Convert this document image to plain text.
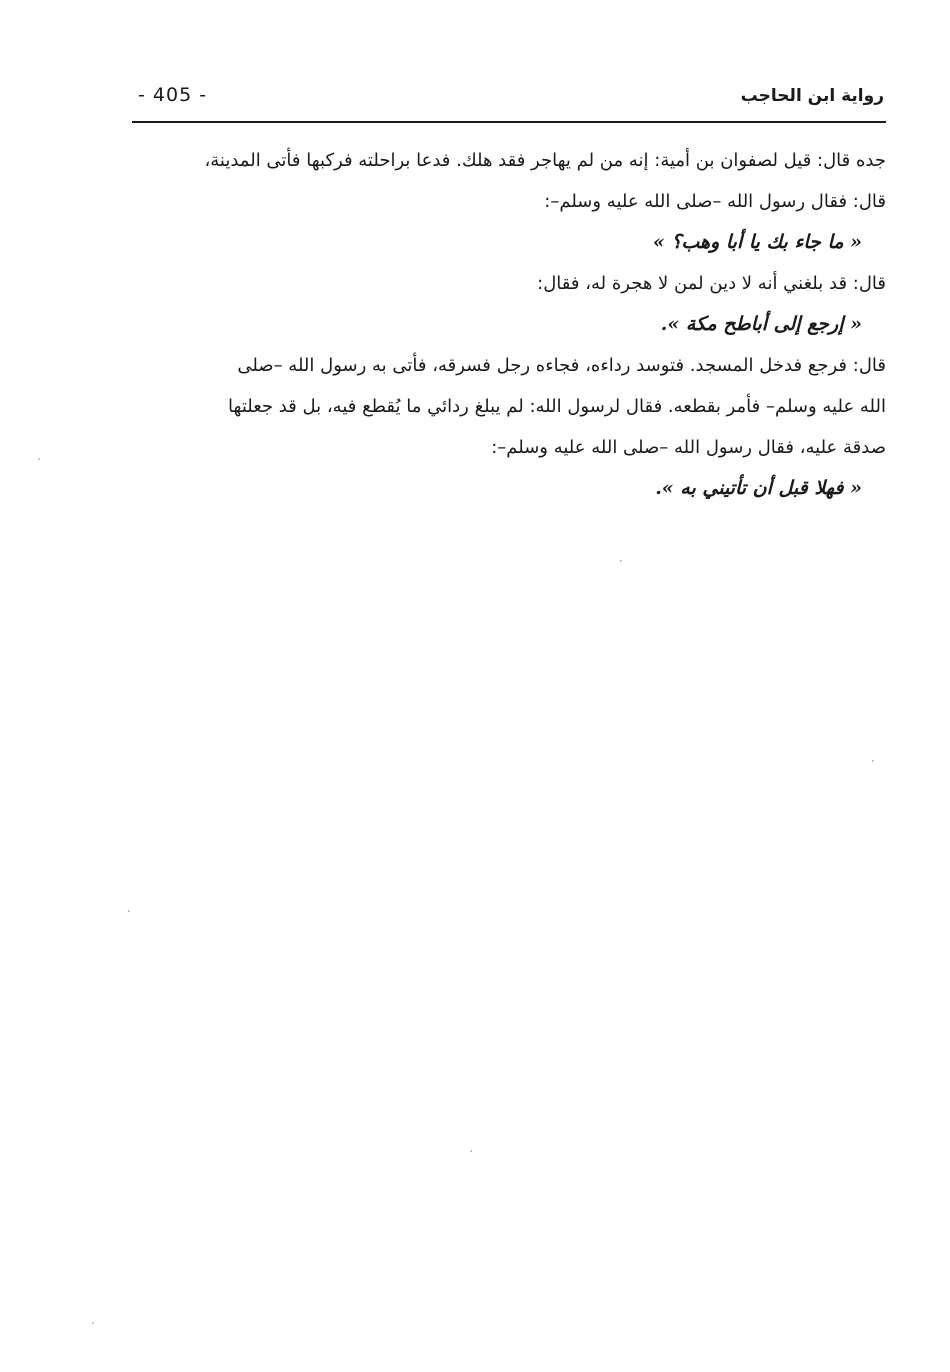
- 405 -	رواية ابن الحاجب
جده قال: قيل لصفوان بن أمية: إنه من لم يهاجر فقد هلك. فدعا براحلته فركبها فأتى المدينة،
قال: فقال رسول الله –صلى الله عليه وسلم–:
« ما جاء بك يا أبا وهب؟ »
قال: قد بلغني أنه لا دين لمن لا هجرة له، فقال:
« إرجع إلى أباطح مكة ».
قال: فرجع فدخل المسجد. فتوسد رداءه، فجاءه رجل فسرقه، فأتى به رسول الله –صلى
الله عليه وسلم– فأمر بقطعه. فقال لرسول الله: لم يبلغ ردائي ما يُقطع فيه، بل قد جعلتها
صدقة عليه، فقال رسول الله –صلى الله عليه وسلم–:
« فهلا قبل أن تأتيني به ».
